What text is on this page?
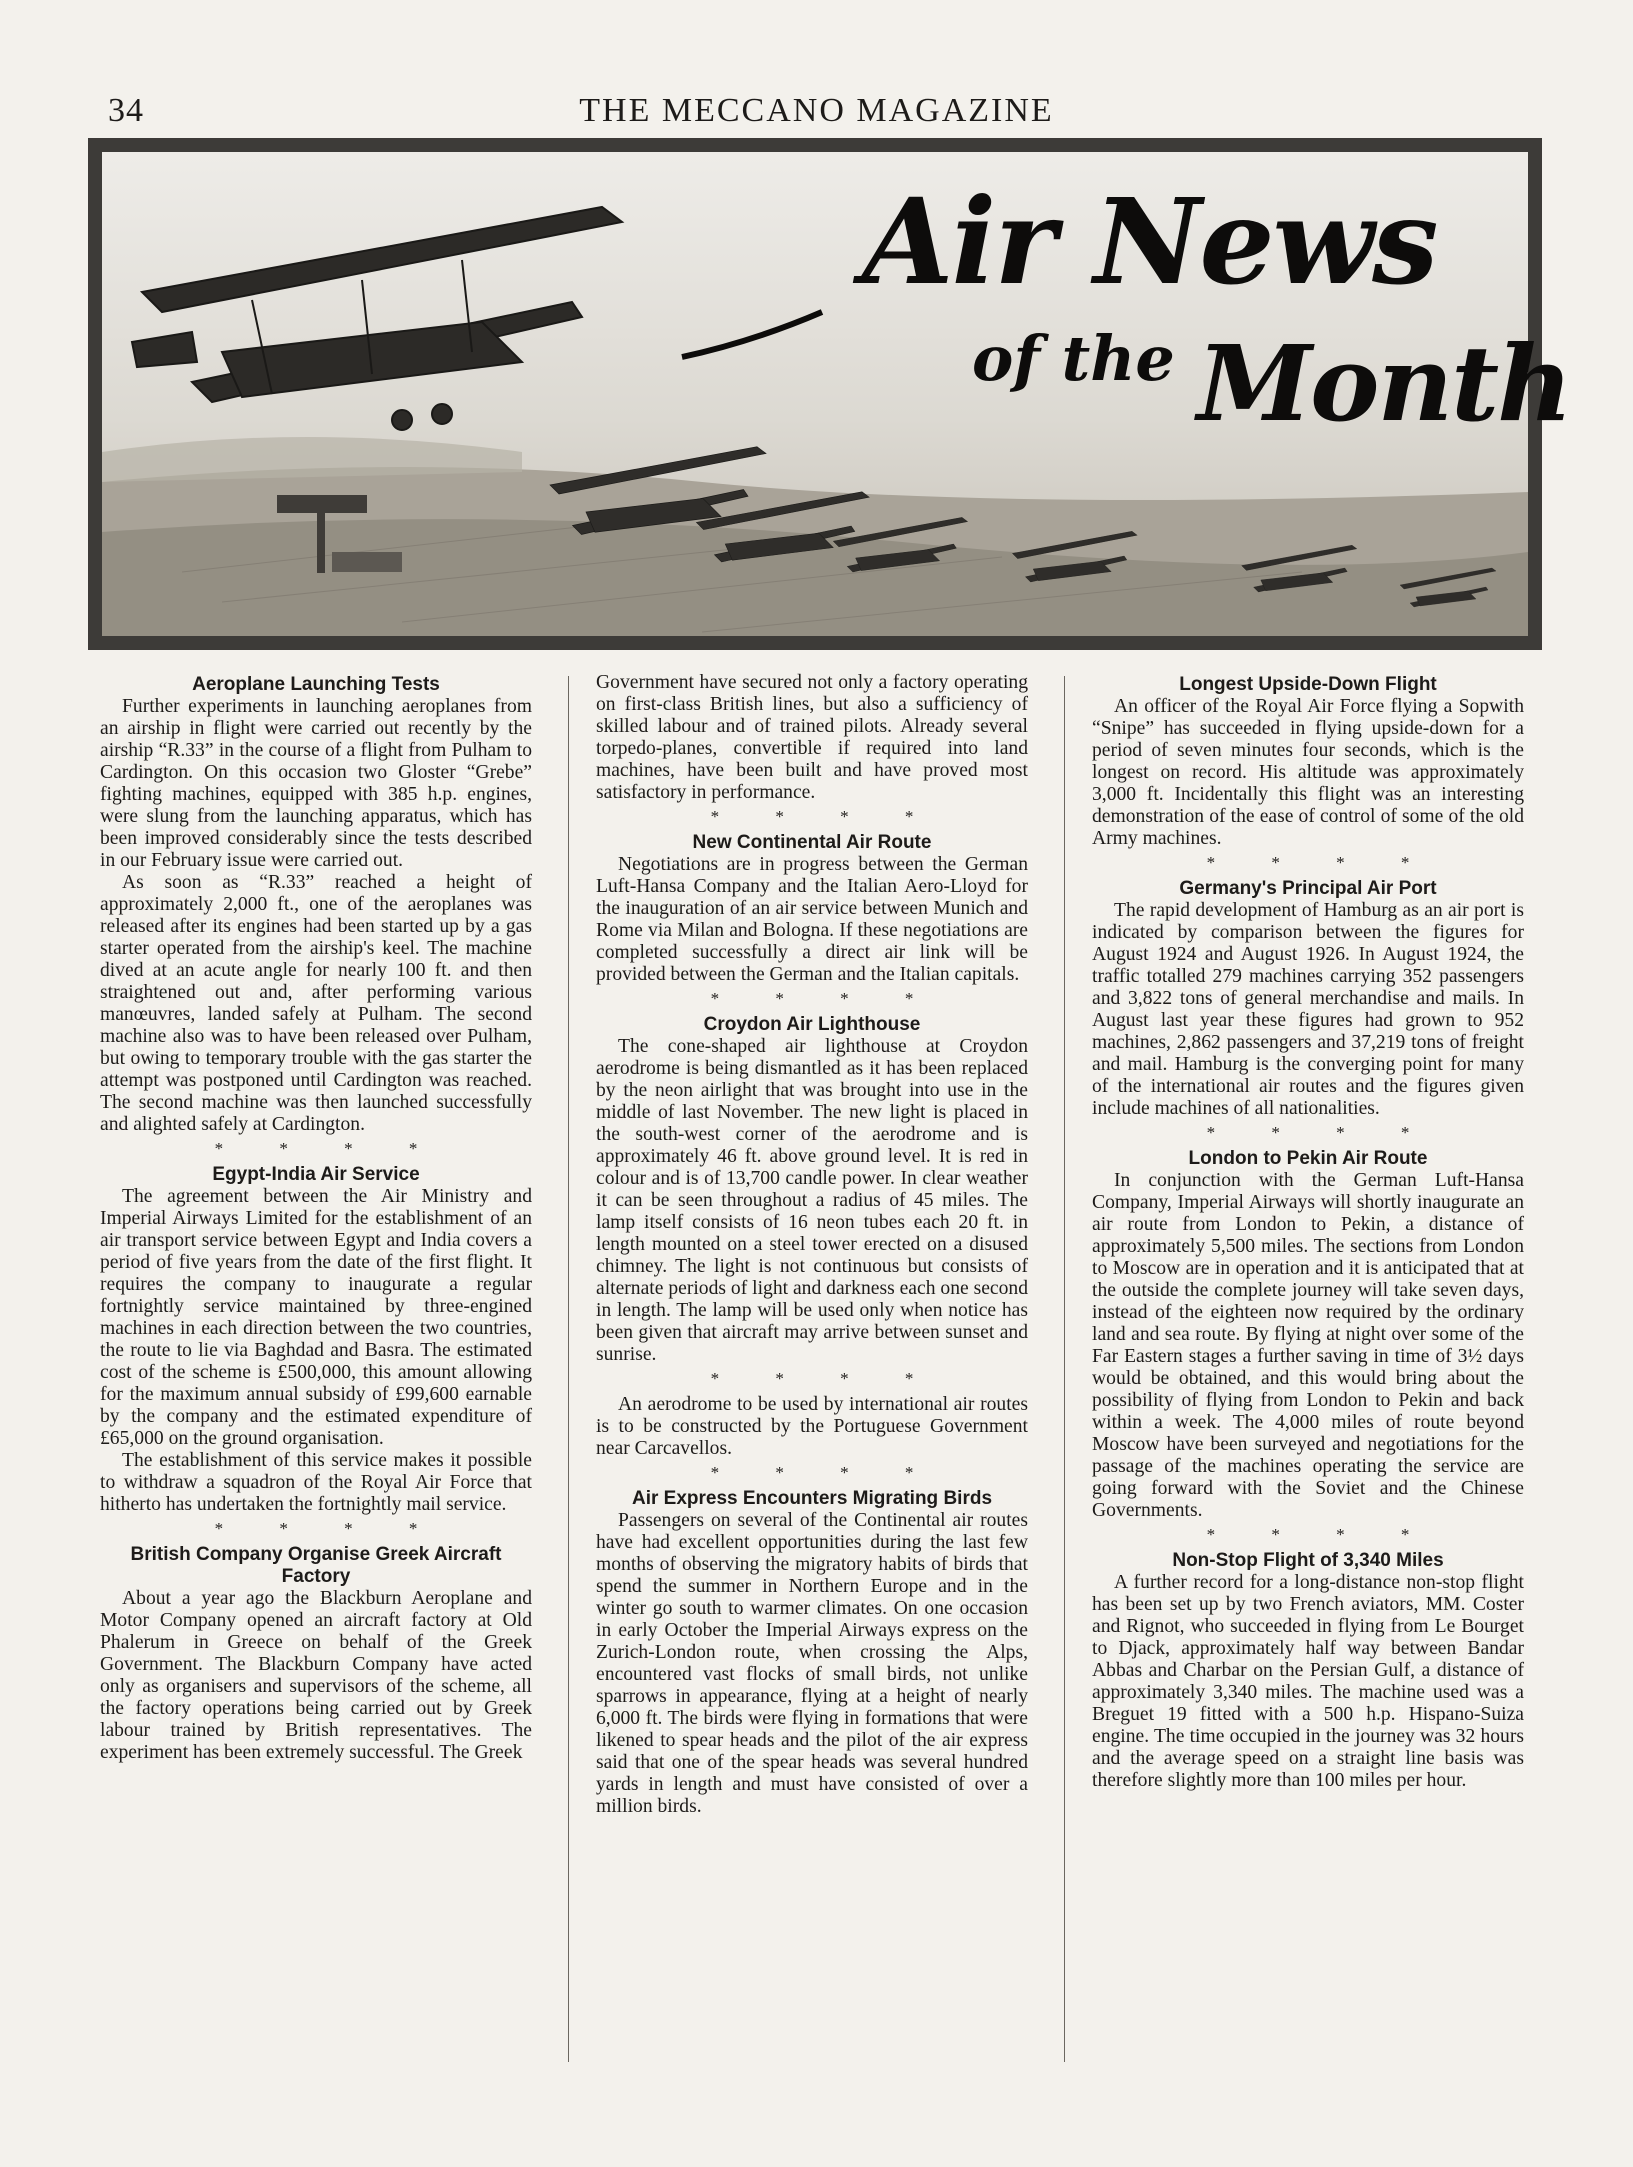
34	THE MECCANO MAGAZINE
Air News
of the Month
Aeroplane Launching Tests

Further experiments in launching aeroplanes from an airship in flight were carried out recently by the airship “R.33” in the course of a flight from Pulham to Cardington. On this occasion two Gloster “Grebe” fighting machines, equipped with 385 h.p. engines, were slung from the launching apparatus, which has been improved considerably since the tests described in our February issue were carried out.

As soon as “R.33” reached a height of approximately 2,000 ft., one of the aeroplanes was released after its engines had been started up by a gas starter operated from the airship's keel. The machine dived at an acute angle for nearly 100 ft. and then straightened out and, after performing various manœuvres, landed safely at Pulham. The second machine also was to have been released over Pulham, but owing to temporary trouble with the gas starter the attempt was postponed until Cardington was reached. The second machine was then launched successfully and alighted safely at Cardington.

* * * *
Egypt-India Air Service

The agreement between the Air Ministry and Imperial Airways Limited for the establishment of an air transport service between Egypt and India covers a period of five years from the date of the first flight. It requires the company to inaugurate a regular fortnightly service maintained by three-engined machines in each direction between the two countries, the route to lie via Baghdad and Basra. The estimated cost of the scheme is £500,000, this amount allowing for the maximum annual subsidy of £99,600 earnable by the company and the estimated expenditure of £65,000 on the ground organisation.

The establishment of this service makes it possible to withdraw a squadron of the Royal Air Force that hitherto has undertaken the fortnightly mail service.

* * * *
British Company Organise Greek Aircraft Factory

About a year ago the Blackburn Aeroplane and Motor Company opened an aircraft factory at Old Phalerum in Greece on behalf of the Greek Government. The Blackburn Company have acted only as organisers and supervisors of the scheme, all the factory operations being carried out by Greek labour trained by British representatives. The experiment has been extremely successful. The Greek

Government have secured not only a factory operating on first-class British lines, but also a sufficiency of skilled labour and of trained pilots. Already several torpedo-planes, convertible if required into land machines, have been built and have proved most satisfactory in performance.

* * * *
New Continental Air Route

Negotiations are in progress between the German Luft-Hansa Company and the Italian Aero-Lloyd for the inauguration of an air service between Munich and Rome via Milan and Bologna. If these negotiations are completed successfully a direct air link will be provided between the German and the Italian capitals.

* * * *
Croydon Air Lighthouse

The cone-shaped air lighthouse at Croydon aerodrome is being dismantled as it has been replaced by the neon airlight that was brought into use in the middle of last November. The new light is placed in the south-west corner of the aerodrome and is approximately 46 ft. above ground level. It is red in colour and is of 13,700 candle power. In clear weather it can be seen throughout a radius of 45 miles. The lamp itself consists of 16 neon tubes each 20 ft. in length mounted on a steel tower erected on a disused chimney. The light is not continuous but consists of alternate periods of light and darkness each one second in length. The lamp will be used only when notice has been given that aircraft may arrive between sunset and sunrise.

* * * *

An aerodrome to be used by international air routes is to be constructed by the Portuguese Government near Carcavellos.

* * * *
Air Express Encounters Migrating Birds

Passengers on several of the Continental air routes have had excellent opportunities during the last few months of observing the migratory habits of birds that spend the summer in Northern Europe and in the winter go south to warmer climates. On one occasion in early October the Imperial Airways express on the Zurich-London route, when crossing the Alps, encountered vast flocks of small birds, not unlike sparrows in appearance, flying at a height of nearly 6,000 ft. The birds were flying in formations that were likened to spear heads and the pilot of the air express said that one of the spear heads was several hundred yards in length and must have consisted of over a million birds.

Longest Upside-Down Flight

An officer of the Royal Air Force flying a Sopwith “Snipe” has succeeded in flying upside-down for a period of seven minutes four seconds, which is the longest on record. His altitude was approximately 3,000 ft. Incidentally this flight was an interesting demonstration of the ease of control of some of the old Army machines.

* * * *
Germany's Principal Air Port

The rapid development of Hamburg as an air port is indicated by comparison between the figures for August 1924 and August 1926. In August 1924, the traffic totalled 279 machines carrying 352 passengers and 3,822 tons of general merchandise and mails. In August last year these figures had grown to 952 machines, 2,862 passengers and 37,219 tons of freight and mail. Hamburg is the converging point for many of the international air routes and the figures given include machines of all nationalities.

* * * *
London to Pekin Air Route

In conjunction with the German Luft-Hansa Company, Imperial Airways will shortly inaugurate an air route from London to Pekin, a distance of approximately 5,500 miles. The sections from London to Moscow are in operation and it is anticipated that at the outside the complete journey will take seven days, instead of the eighteen now required by the ordinary land and sea route. By flying at night over some of the Far Eastern stages a further saving in time of 3½ days would be obtained, and this would bring about the possibility of flying from London to Pekin and back within a week. The 4,000 miles of route beyond Moscow have been surveyed and negotiations for the passage of the machines operating the service are going forward with the Soviet and the Chinese Governments.

* * * *
Non-Stop Flight of 3,340 Miles

A further record for a long-distance non-stop flight has been set up by two French aviators, MM. Coster and Rignot, who succeeded in flying from Le Bourget to Djack, approximately half way between Bandar Abbas and Charbar on the Persian Gulf, a distance of approximately 3,340 miles. The machine used was a Breguet 19 fitted with a 500 h.p. Hispano-Suiza engine. The time occupied in the journey was 32 hours and the average speed on a straight line basis was therefore slightly more than 100 miles per hour.
